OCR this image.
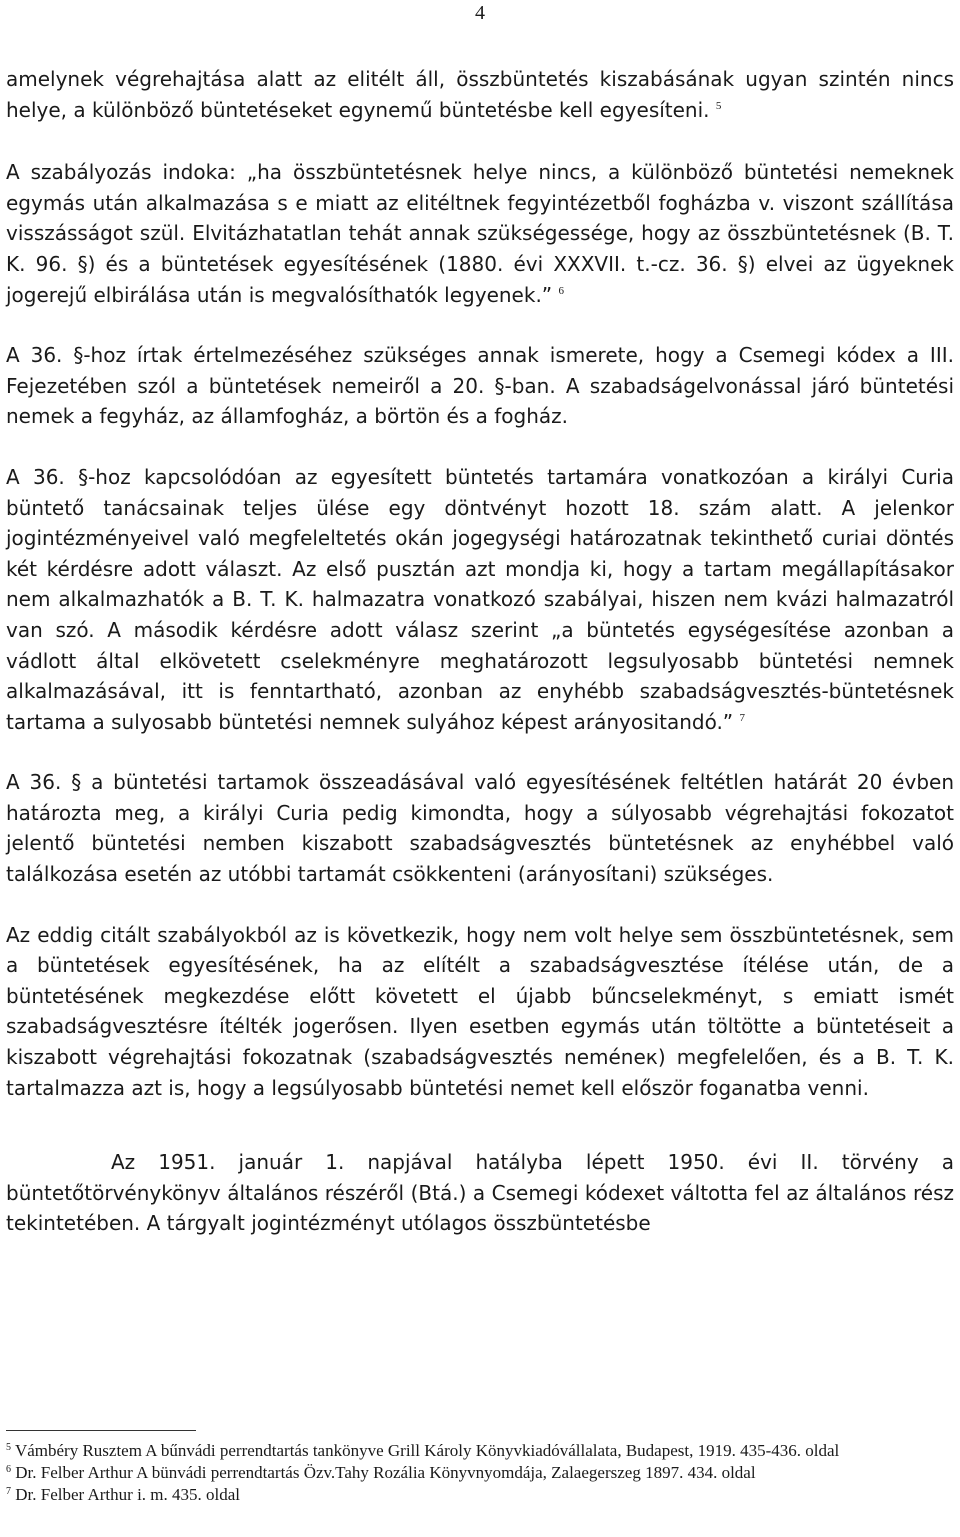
4

amelynek végrehajtása alatt az elitélt áll, összbüntetés kiszabásának ugyan szintén nincs helye, a különböző büntetéseket egynemű büntetésbe kell egyesíteni. $^5$

A szabályozás indoka: „ha összbüntetésnek helye nincs, a különböző büntetési nemeknek egymás után alkalmazása s e miatt az elitéltnek fegyintézetből fogházba v. viszont szállítása visszásságot szül. Elvitázhatatlan tehát annak szükségessége, hogy az összbüntetésnek (B. T. K. 96. §) és a büntetések egyesítésének (1880. évi XXXVII. t.-cz. 36. §) elvei az ügyeknek jogerejű elbirálása után is megvalósíthatók legyenek.” $^6$

A 36. §-hoz írtak értelmezéséhez szükséges annak ismerete, hogy a Csemegi kódex a III. Fejezetében szól a büntetések nemeiről a 20. §-ban. A szabadságelvonással járó büntetési nemek a fegyház, az államfogház, a börtön és a fogház.

A 36. §-hoz kapcsolódóan az egyesített büntetés tartamára vonatkozóan a királyi Curia büntető tanácsainak teljes ülése egy döntvényt hozott 18. szám alatt. A jelenkor jogintézményeivel való megfeleltetés okán jogegységi határozatnak tekinthető curiai döntés két kérdésre adott választ. Az első pusztán azt mondja ki, hogy a tartam megállapításakor nem alkalmazhatók a B. T. K. halmazatra vonatkozó szabályai, hiszen nem kvázi halmazatról van szó. A második kérdésre adott válasz szerint „a büntetés egységesítése azonban a vádlott által elkövetett cselekményre meghatározott legsulyosabb büntetési nemnek alkalmazásával, itt is fenntartható, azonban az enyhébb szabadságvesztés-büntetésnek tartama a sulyosabb büntetési nemnek sulyához képest arányositandó.” $^7$

A 36. § a büntetési tartamok összeadásával való egyesítésének feltétlen határát 20 évben határozta meg, a királyi Curia pedig kimondta, hogy a súlyosabb végrehajtási fokozatot jelentő büntetési nemben kiszabott szabadságvesztés büntetésnek az enyhébbel való találkozása esetén az utóbbi tartamát csökkenteni (arányosítani) szükséges.

Az eddig citált szabályokból az is következik, hogy nem volt helye sem összbüntetésnek, sem a büntetések egyesítésének, ha az elítélt a szabadságvesztése ítélése után, de a büntetésének megkezdése előtt követett el újabb bűncselekményt, s emiatt ismét szabadságvesztésre ítélték jogerősen. Ilyen esetben egymás után töltötte a büntetéseit a kiszabott végrehajtási fokozatnak (szabadságvesztés neméneк) megfelelően, és a B. T. K. tartalmazza azt is, hogy a legsúlyosabb büntetési nemet kell először foganatba venni.

Az 1951. január 1. napjával hatályba lépett 1950. évi II. törvény a büntetőtörvénykönyv általános részéről (Btá.) a Csemegi kódexet váltotta fel az általános rész tekintetében. A tárgyalt jogintézményt utólagos összbüntetésbe

$^5$ Vámbéry Rusztem A bűnvádi perrendtartás tankönyve Grill Károly Könyvkiadóvállalata, Budapest, 1919. 435-436. oldal

$^6$ Dr. Felber Arthur A bünvádi perrendtartás Özv.Tahy Rozália Könyvnyomdája, Zalaegerszeg 1897. 434. oldal

$^7$ Dr. Felber Arthur i. m. 435. oldal
